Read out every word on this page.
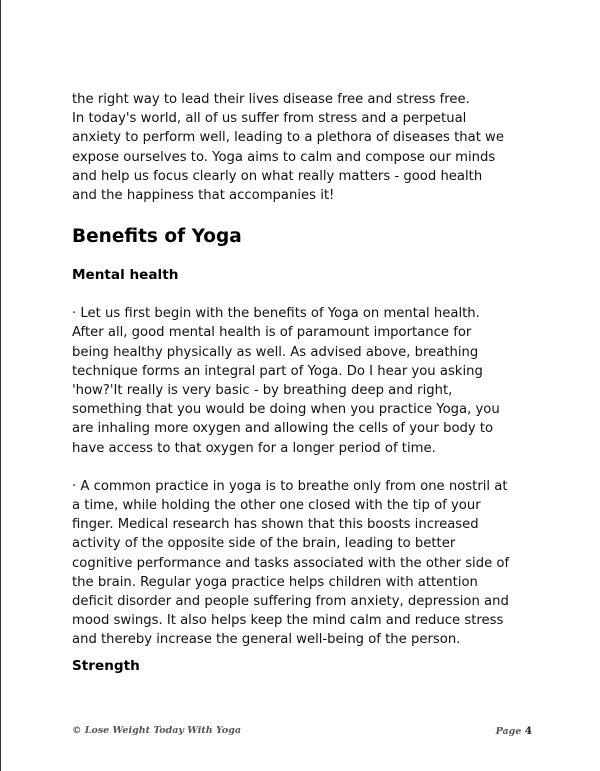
the right way to lead their lives disease free and stress free.
In today's world, all of us suffer from stress and a perpetual
anxiety to perform well, leading to a plethora of diseases that we
expose ourselves to. Yoga aims to calm and compose our minds
and help us focus clearly on what really matters - good health
and the happiness that accompanies it!

Benefits of Yoga
Mental health

· Let us first begin with the benefits of Yoga on mental health.
After all, good mental health is of paramount importance for
being healthy physically as well. As advised above, breathing
technique forms an integral part of Yoga. Do I hear you asking
'how?'It really is very basic - by breathing deep and right,
something that you would be doing when you practice Yoga, you
are inhaling more oxygen and allowing the cells of your body to
have access to that oxygen for a longer period of time.

· A common practice in yoga is to breathe only from one nostril at
a time, while holding the other one closed with the tip of your
finger. Medical research has shown that this boosts increased
activity of the opposite side of the brain, leading to better
cognitive performance and tasks associated with the other side of
the brain. Regular yoga practice helps children with attention
deficit disorder and people suffering from anxiety, depression and
mood swings. It also helps keep the mind calm and reduce stress
and thereby increase the general well-being of the person.

Strength
© Lose Weight Today With Yoga	Page 4
